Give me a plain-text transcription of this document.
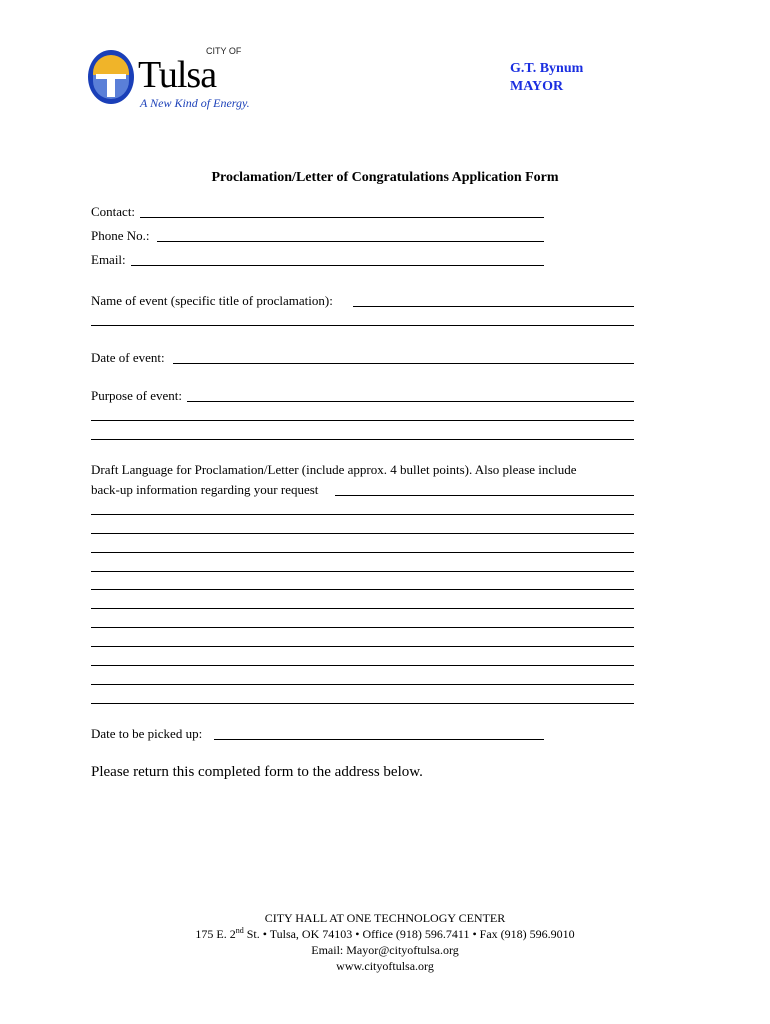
CITY OF
Tulsa
A New Kind of Energy.
G.T. Bynum
MAYOR
Proclamation/Letter of Congratulations Application Form
Contact:
Phone No.:
Email:
Name of event (specific title of proclamation):
Date of event:
Purpose of event:
Draft Language for Proclamation/Letter (include approx. 4 bullet points). Also please include
back-up information regarding your request
Date to be picked up:
Please return this completed form to the address below.
CITY HALL AT ONE TECHNOLOGY CENTER
175 E. 2nd St. • Tulsa, OK 74103 • Office (918) 596.7411 • Fax (918) 596.9010
Email: Mayor@cityoftulsa.org
www.cityoftulsa.org
